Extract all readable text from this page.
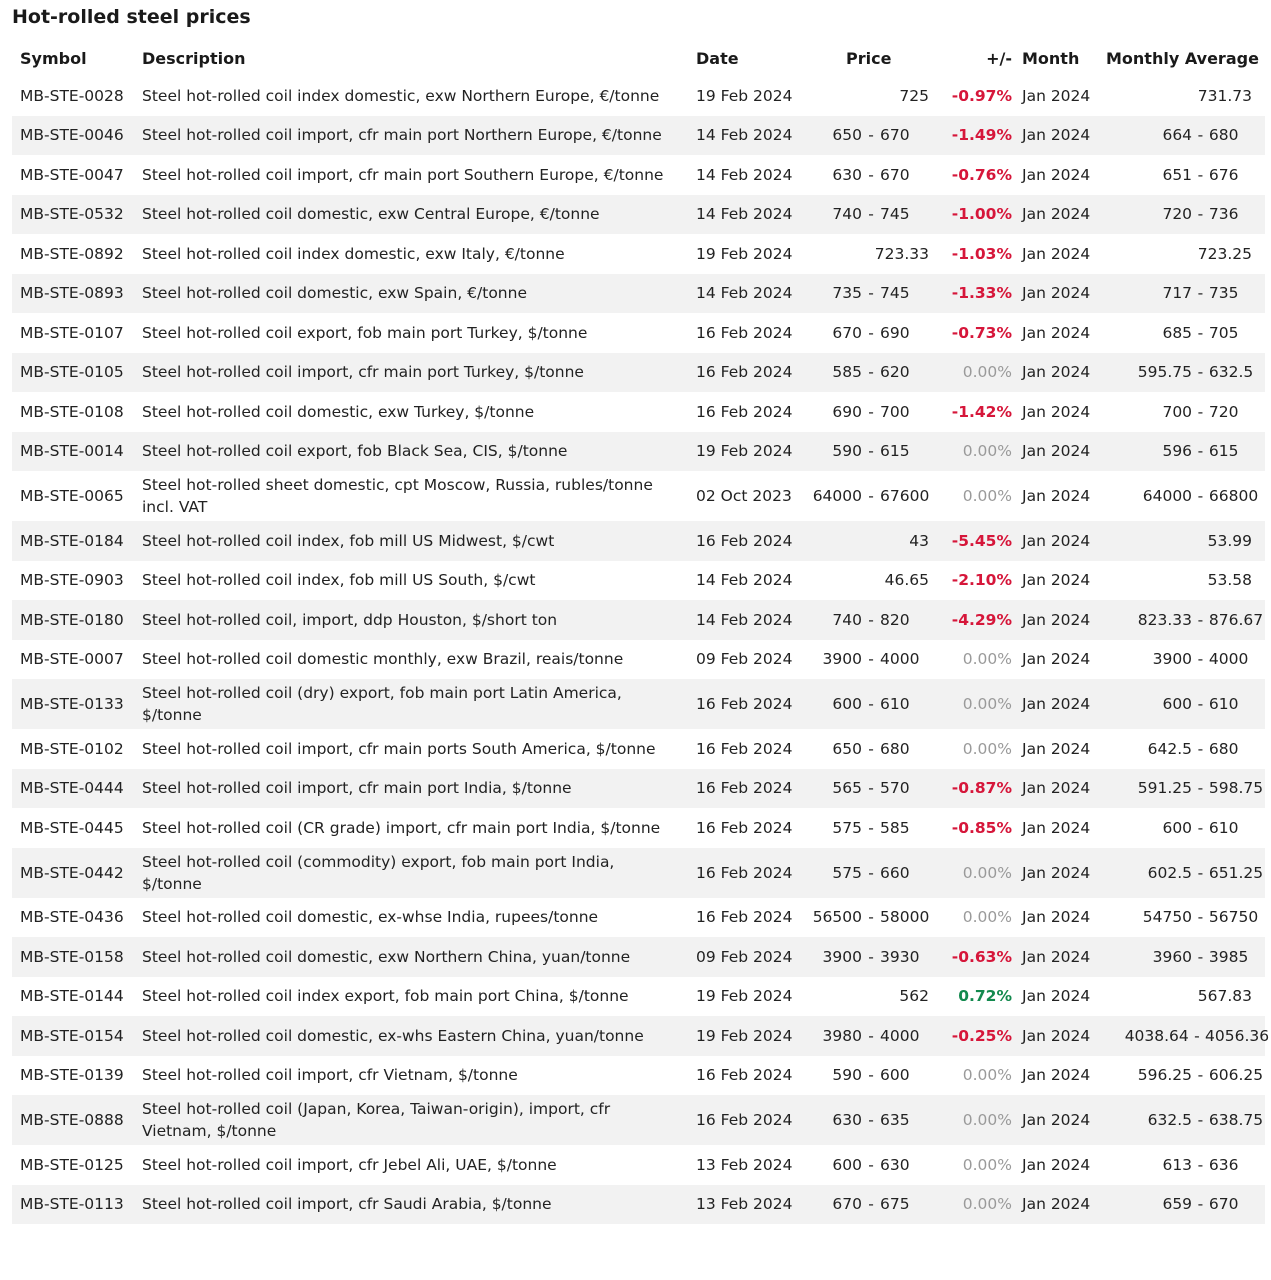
Hot-rolled steel prices
Symbol	Description	Date	Price	+/-	Month	Monthly Average
MB-STE-0028	Steel hot-rolled coil index domestic, exw Northern Europe, €/tonne	19 Feb 2024	725	-0.97%	Jan 2024	731.73

MB-STE-0046	Steel hot-rolled coil import, cfr main port Northern Europe, €/tonne	14 Feb 2024	650 - 670	-1.49%	Jan 2024	664 - 680

MB-STE-0047	Steel hot-rolled coil import, cfr main port Southern Europe, €/tonne	14 Feb 2024	630 - 670	-0.76%	Jan 2024	651 - 676

MB-STE-0532	Steel hot-rolled coil domestic, exw Central Europe, €/tonne	14 Feb 2024	740 - 745	-1.00%	Jan 2024	720 - 736

MB-STE-0892	Steel hot-rolled coil index domestic, exw Italy, €/tonne	19 Feb 2024	723.33	-1.03%	Jan 2024	723.25

MB-STE-0893	Steel hot-rolled coil domestic, exw Spain, €/tonne	14 Feb 2024	735 - 745	-1.33%	Jan 2024	717 - 735

MB-STE-0107	Steel hot-rolled coil export, fob main port Turkey, $/tonne	16 Feb 2024	670 - 690	-0.73%	Jan 2024	685 - 705

MB-STE-0105	Steel hot-rolled coil import, cfr main port Turkey, $/tonne	16 Feb 2024	585 - 620	0.00%	Jan 2024	595.75 - 632.5

MB-STE-0108	Steel hot-rolled coil domestic, exw Turkey, $/tonne	16 Feb 2024	690 - 700	-1.42%	Jan 2024	700 - 720

MB-STE-0014	Steel hot-rolled coil export, fob Black Sea, CIS, $/tonne	19 Feb 2024	590 - 615	0.00%	Jan 2024	596 - 615

MB-STE-0065	Steel hot-rolled sheet domestic, cpt Moscow, Russia, rubles/tonne incl. VAT	02 Oct 2023	64000 - 67600	0.00%	Jan 2024	64000 - 66800

MB-STE-0184	Steel hot-rolled coil index, fob mill US Midwest, $/cwt	16 Feb 2024	43	-5.45%	Jan 2024	53.99

MB-STE-0903	Steel hot-rolled coil index, fob mill US South, $/cwt	14 Feb 2024	46.65	-2.10%	Jan 2024	53.58

MB-STE-0180	Steel hot-rolled coil, import, ddp Houston, $/short ton	14 Feb 2024	740 - 820	-4.29%	Jan 2024	823.33 - 876.67

MB-STE-0007	Steel hot-rolled coil domestic monthly, exw Brazil, reais/tonne	09 Feb 2024	3900 - 4000	0.00%	Jan 2024	3900 - 4000

MB-STE-0133	Steel hot-rolled coil (dry) export, fob main port Latin America, $/tonne	16 Feb 2024	600 - 610	0.00%	Jan 2024	600 - 610

MB-STE-0102	Steel hot-rolled coil import, cfr main ports South America, $/tonne	16 Feb 2024	650 - 680	0.00%	Jan 2024	642.5 - 680

MB-STE-0444	Steel hot-rolled coil import, cfr main port India, $/tonne	16 Feb 2024	565 - 570	-0.87%	Jan 2024	591.25 - 598.75

MB-STE-0445	Steel hot-rolled coil (CR grade) import, cfr main port India, $/tonne	16 Feb 2024	575 - 585	-0.85%	Jan 2024	600 - 610

MB-STE-0442	Steel hot-rolled coil (commodity) export, fob main port India, $/tonne	16 Feb 2024	575 - 660	0.00%	Jan 2024	602.5 - 651.25

MB-STE-0436	Steel hot-rolled coil domestic, ex-whse India, rupees/tonne	16 Feb 2024	56500 - 58000	0.00%	Jan 2024	54750 - 56750

MB-STE-0158	Steel hot-rolled coil domestic, exw Northern China, yuan/tonne	09 Feb 2024	3900 - 3930	-0.63%	Jan 2024	3960 - 3985

MB-STE-0144	Steel hot-rolled coil index export, fob main port China, $/tonne	19 Feb 2024	562	0.72%	Jan 2024	567.83

MB-STE-0154	Steel hot-rolled coil domestic, ex-whs Eastern China, yuan/tonne	19 Feb 2024	3980 - 4000	-0.25%	Jan 2024	4038.64 - 4056.36

MB-STE-0139	Steel hot-rolled coil import, cfr Vietnam, $/tonne	16 Feb 2024	590 - 600	0.00%	Jan 2024	596.25 - 606.25

MB-STE-0888	Steel hot-rolled coil (Japan, Korea, Taiwan-origin), import, cfr Vietnam, $/tonne	16 Feb 2024	630 - 635	0.00%	Jan 2024	632.5 - 638.75

MB-STE-0125	Steel hot-rolled coil import, cfr Jebel Ali, UAE, $/tonne	13 Feb 2024	600 - 630	0.00%	Jan 2024	613 - 636

MB-STE-0113	Steel hot-rolled coil import, cfr Saudi Arabia, $/tonne	13 Feb 2024	670 - 675	0.00%	Jan 2024	659 - 670
